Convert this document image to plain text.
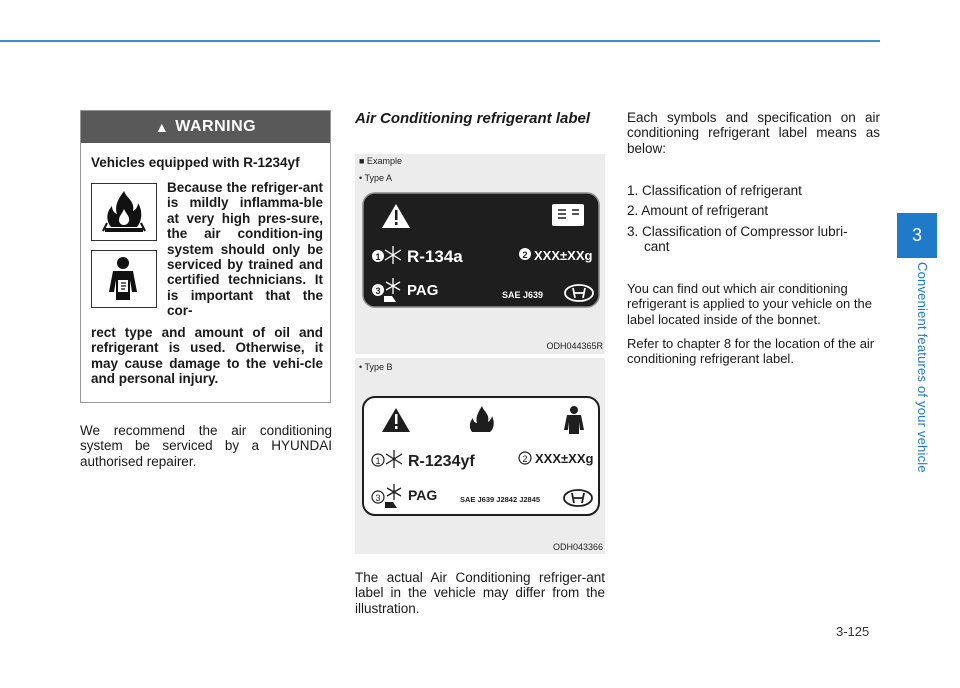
3
Convenient features of your vehicle
▲ WARNING
Vehicles equipped with R-1234yf
Because the refriger-ant is mildly inflamma-ble at very high pres-sure, the air condition-ing system should only be serviced by trained and certified technicians. It is important that the cor-
rect type and amount of oil and refrigerant is used. Otherwise, it may cause damage to the vehi-cle and personal injury.
We recommend the air conditioning system be serviced by a HYUNDAI authorised repairer.
Air Conditioning refrigerant label
■ Example
• Type A
1	2
3
R-134a	XXX±XXg
PAG	SAE J639
ODH044365R
• Type B
1	2
3
R-1234yf	XXX±XXg
PAG	SAE J639 J2842 J2845
ODH043366
The actual Air Conditioning refriger-ant label in the vehicle may differ from the illustration.
Each symbols and specification on air conditioning refrigerant label means as below:
1. Classification of refrigerant
2. Amount of refrigerant
3. Classification of Compressor lubri-
cant
You can find out which air conditioning refrigerant is applied to your vehicle on the label located inside of the bonnet.
Refer to chapter 8 for the location of the air conditioning refrigerant label.
3-125
